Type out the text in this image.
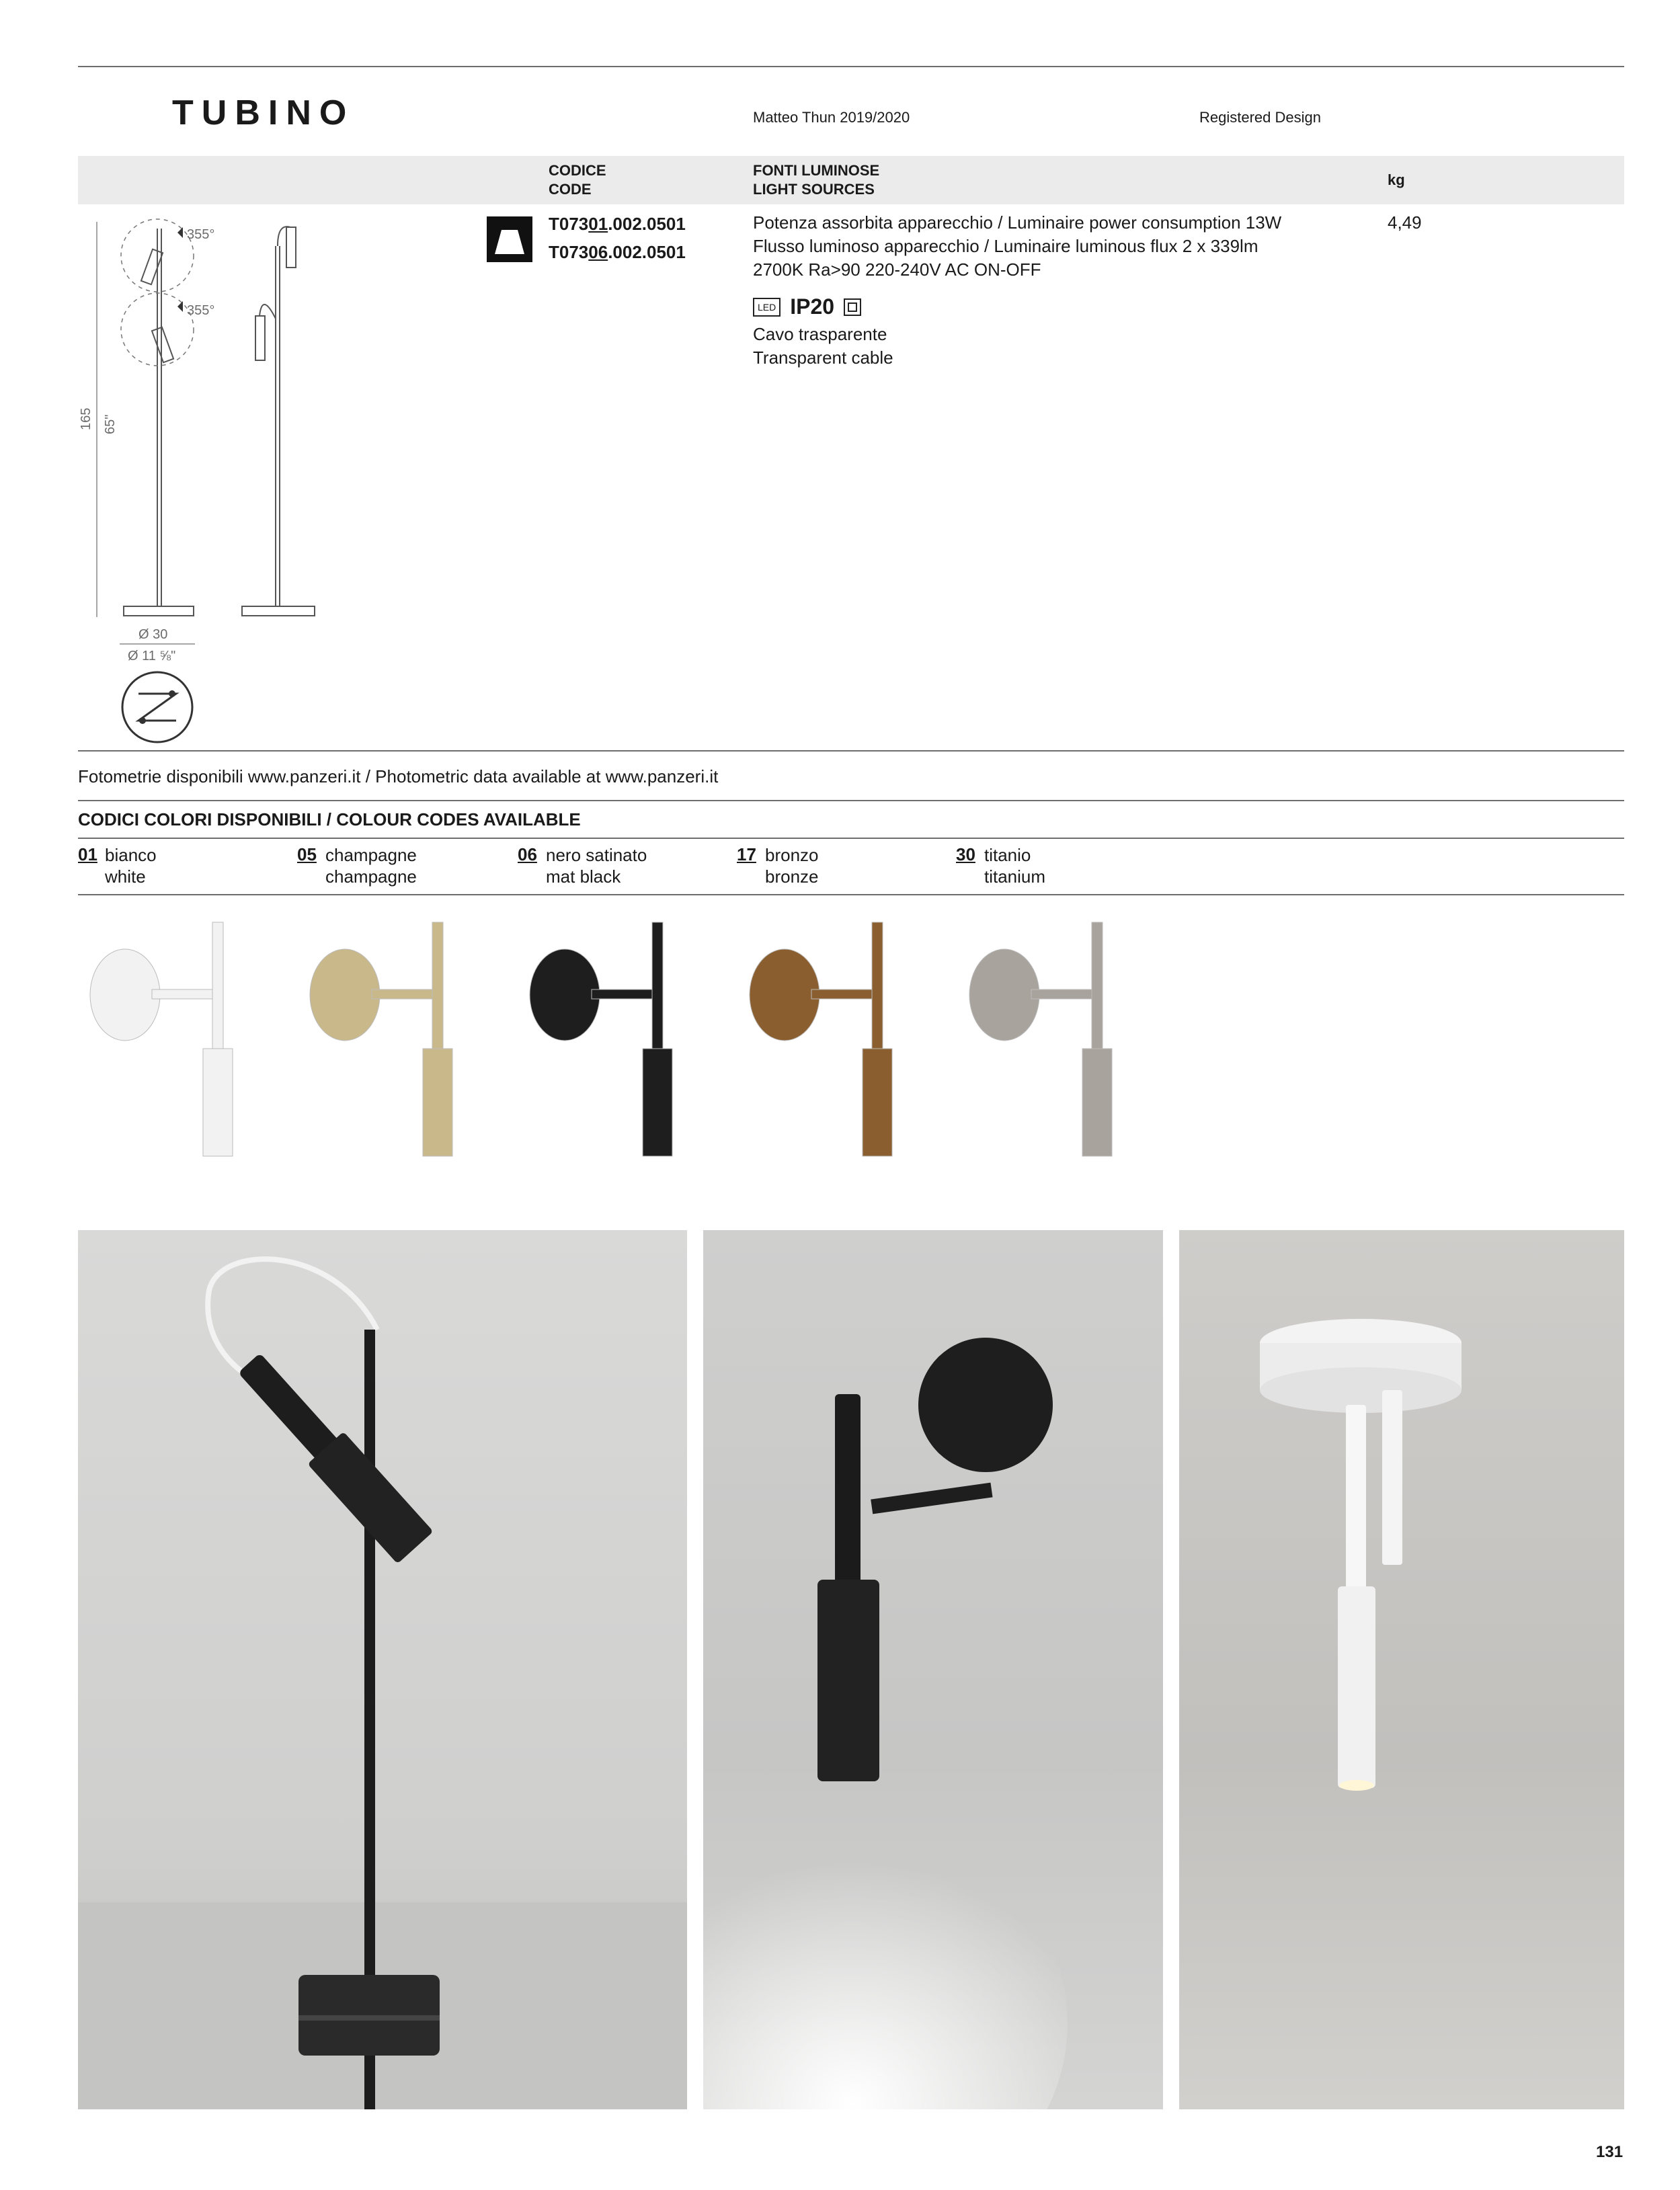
TUBINO	Matteo Thun 2019/2020	Registered Design
CODICE
CODE
FONTI LUMINOSE
LIGHT SOURCES
kg
T07301.002.0501
T07306.002.0501
Potenza assorbita apparecchio / Luminaire power consumption 13W
Flusso luminoso apparecchio / Luminaire luminous flux 2 x 339lm
2700K Ra>90 220-240V AC ON-OFF
LED IP20
Cavo trasparente
Transparent cable
4,49
165 65"
355°
355°
Ø 30
Ø 11 ⅝"
Fotometrie disponibili www.panzeri.it / Photometric data available at www.panzeri.it
CODICI COLORI DISPONIBILI / COLOUR CODES AVAILABLE
01 bianco
white
05 champagne
champagne
06 nero satinato
mat black
17 bronzo
bronze
30 titanio
titanium
131
